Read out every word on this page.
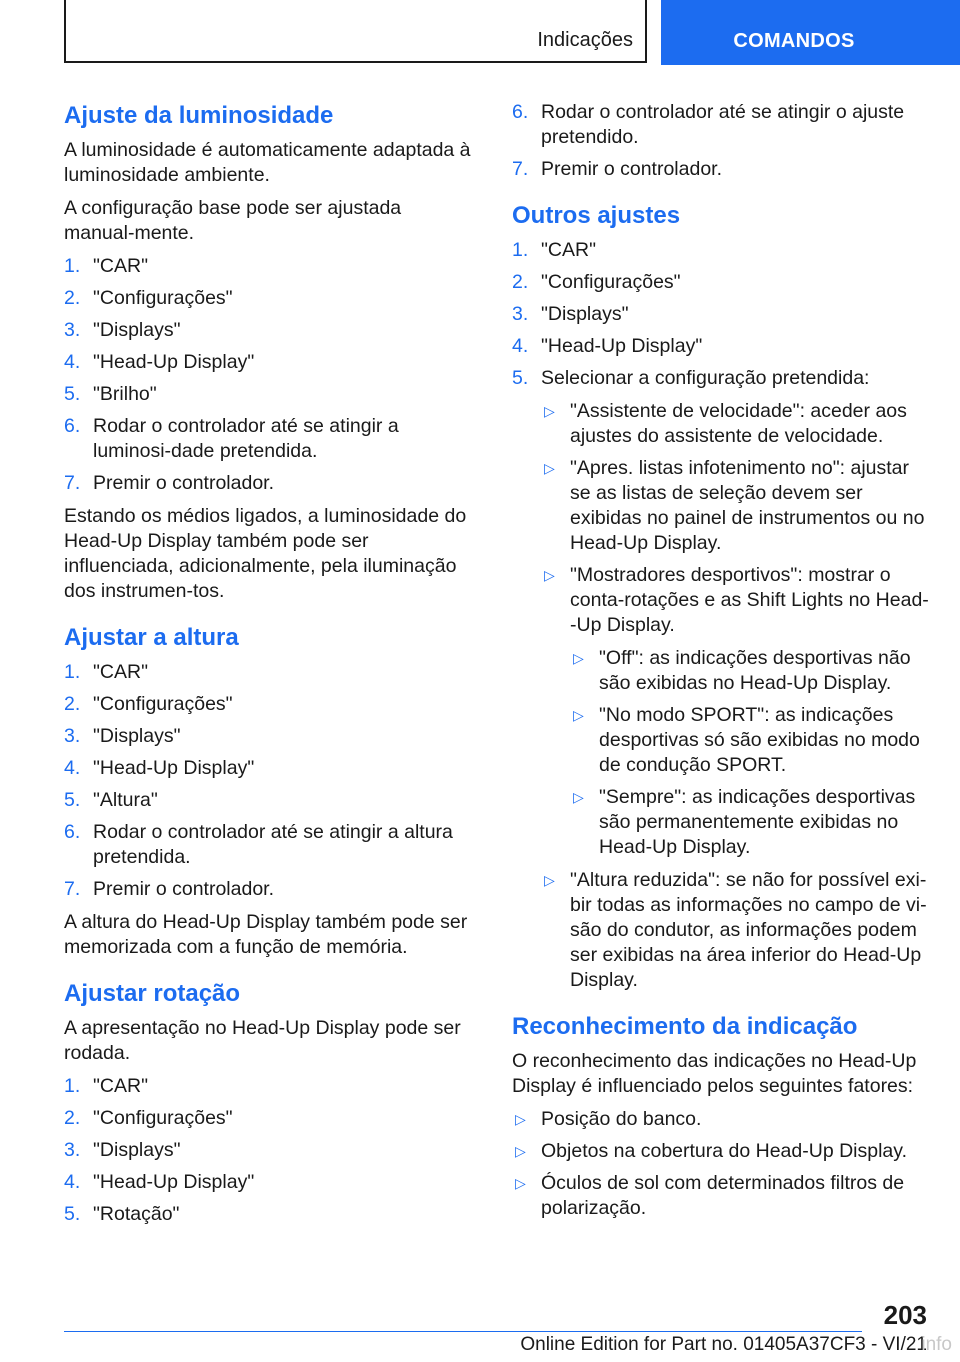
Indicações	COMANDOS
Ajuste da luminosidade

A luminosidade é automaticamente adaptada à luminosidade ambiente.

A configuração base pode ser ajustada manual-mente.

1. "CAR"
2. "Configurações"
3. "Displays"
4. "Head-Up Display"
5. "Brilho"
6. Rodar o controlador até se atingir a luminosi-dade pretendida.
7. Premir o controlador.

Estando os médios ligados, a luminosidade do Head-Up Display também pode ser influenciada, adicionalmente, pela iluminação dos instrumen-tos.

Ajustar a altura
1. "CAR"
2. "Configurações"
3. "Displays"
4. "Head-Up Display"
5. "Altura"
6. Rodar o controlador até se atingir a altura pretendida.
7. Premir o controlador.

A altura do Head-Up Display também pode ser memorizada com a função de memória.

Ajustar rotação

A apresentação no Head-Up Display pode ser rodada.

1. "CAR"
2. "Configurações"
3. "Displays"
4. "Head-Up Display"
5. "Rotação"
6. Rodar o controlador até se atingir o ajuste pretendido.
7. Premir o controlador.
Outros ajustes
1. "CAR"
2. "Configurações"
3. "Displays"
4. "Head-Up Display"
5. Selecionar a configuração pretendida:
▷ "Assistente de velocidade": aceder aos ajustes do assistente de velocidade.
▷ "Apres. listas infotenimento no": ajustar se as listas de seleção devem ser exibidas no painel de instrumentos ou no Head-Up Display.
▷ "Mostradores desportivos": mostrar o conta-rotações e as Shift Lights no Head--Up Display.
▷ "Off": as indicações desportivas não são exibidas no Head-Up Display.
▷ "No modo SPORT": as indicações desportivas só são exibidas no modo de condução SPORT.
▷ "Sempre": as indicações desportivas são permanentemente exibidas no Head-Up Display.
▷ "Altura reduzida": se não for possível exi-bir todas as informações no campo de vi-são do condutor, as informações podem ser exibidas na área inferior do Head-Up Display.
Reconhecimento da indicação

O reconhecimento das indicações no Head-Up Display é influenciado pelos seguintes fatores:

▷ Posição do banco.
▷ Objetos na cobertura do Head-Up Display.
▷ Óculos de sol com determinados filtros de polarização.
203
Online Edition for Part no. 01405A37CF3 - VI/21
info
